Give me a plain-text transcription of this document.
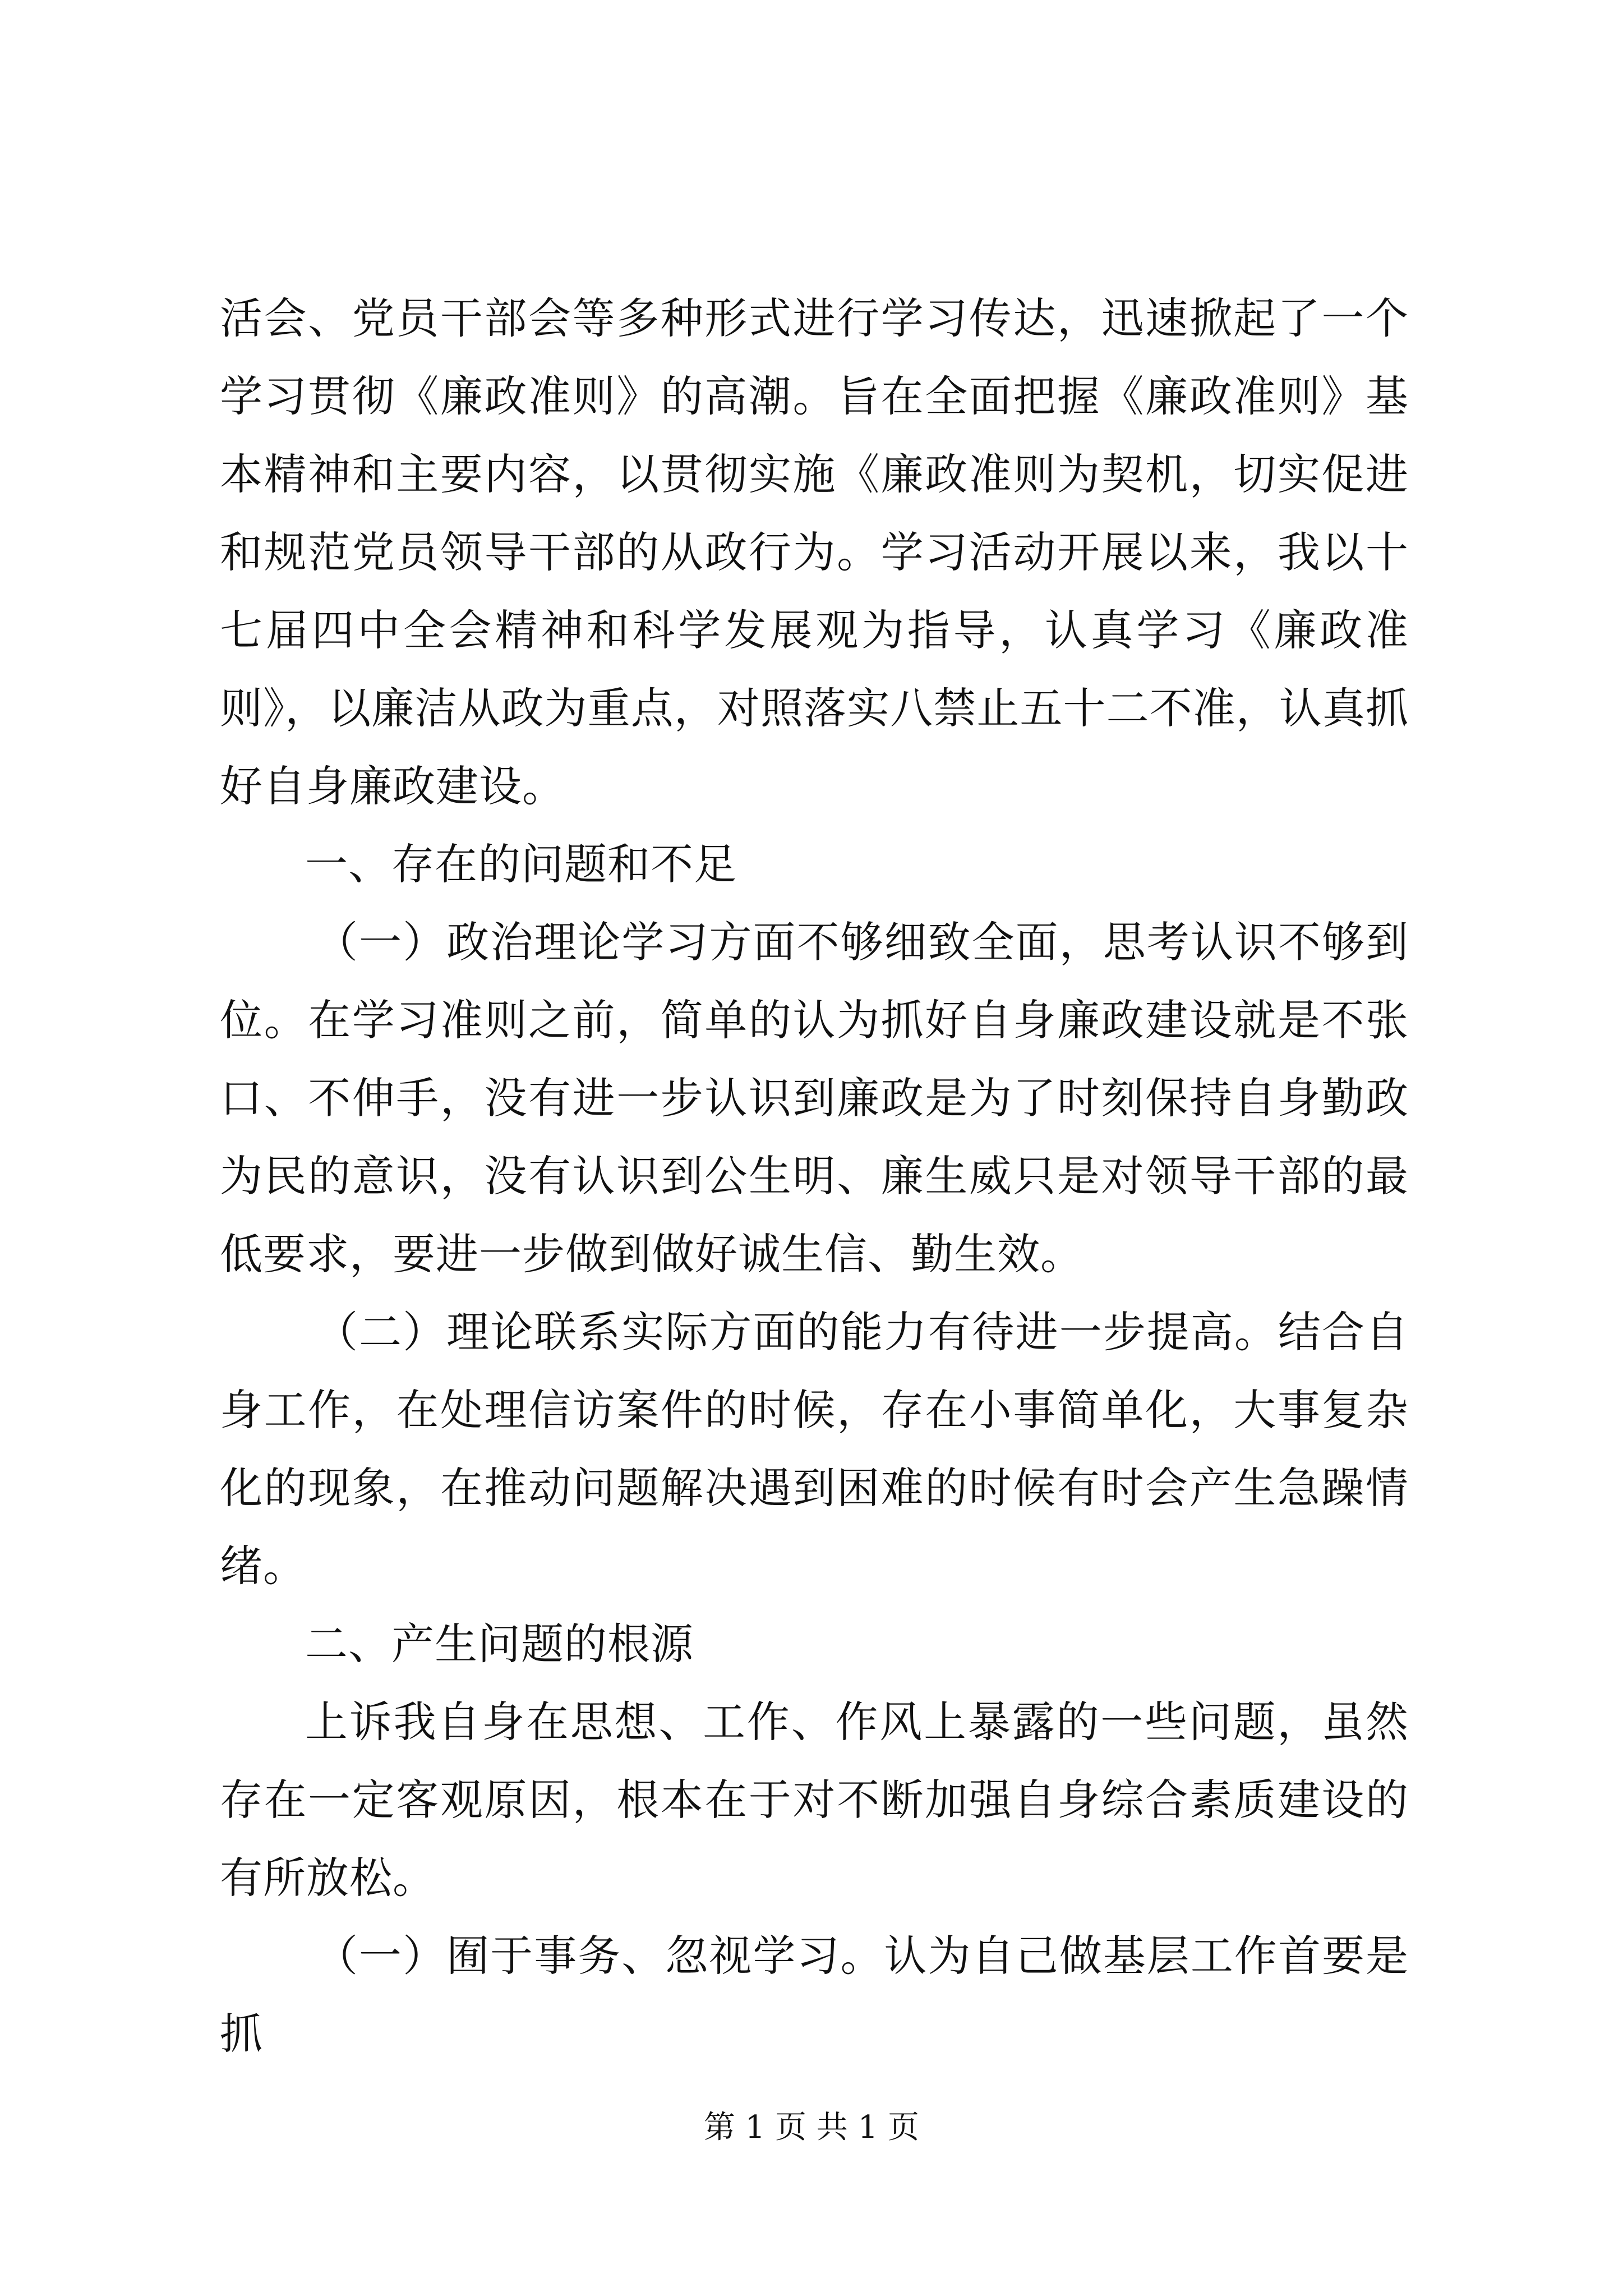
活会、党员干部会等多种形式进行学习传达，迅速掀起了一个学习贯彻《廉政准则》的高潮。旨在全面把握《廉政准则》基本精神和主要内容，以贯彻实施《廉政准则为契机，切实促进和规范党员领导干部的从政行为。学习活动开展以来，我以十七届四中全会精神和科学发展观为指导，认真学习《廉政准则》，以廉洁从政为重点，对照落实八禁止五十二不准，认真抓好自身廉政建设。

一、存在的问题和不足

（一）政治理论学习方面不够细致全面，思考认识不够到位。在学习准则之前，简单的认为抓好自身廉政建设就是不张口、不伸手，没有进一步认识到廉政是为了时刻保持自身勤政为民的意识，没有认识到公生明、廉生威只是对领导干部的最低要求，要进一步做到做好诚生信、勤生效。

（二）理论联系实际方面的能力有待进一步提高。结合自身工作，在处理信访案件的时候，存在小事简单化，大事复杂化的现象，在推动问题解决遇到困难的时候有时会产生急躁情绪。

二、产生问题的根源

上诉我自身在思想、工作、作风上暴露的一些问题，虽然存在一定客观原因，根本在于对不断加强自身综合素质建设的有所放松。

（一）囿于事务、忽视学习。认为自己做基层工作首要是抓

第 1 页 共 1 页
